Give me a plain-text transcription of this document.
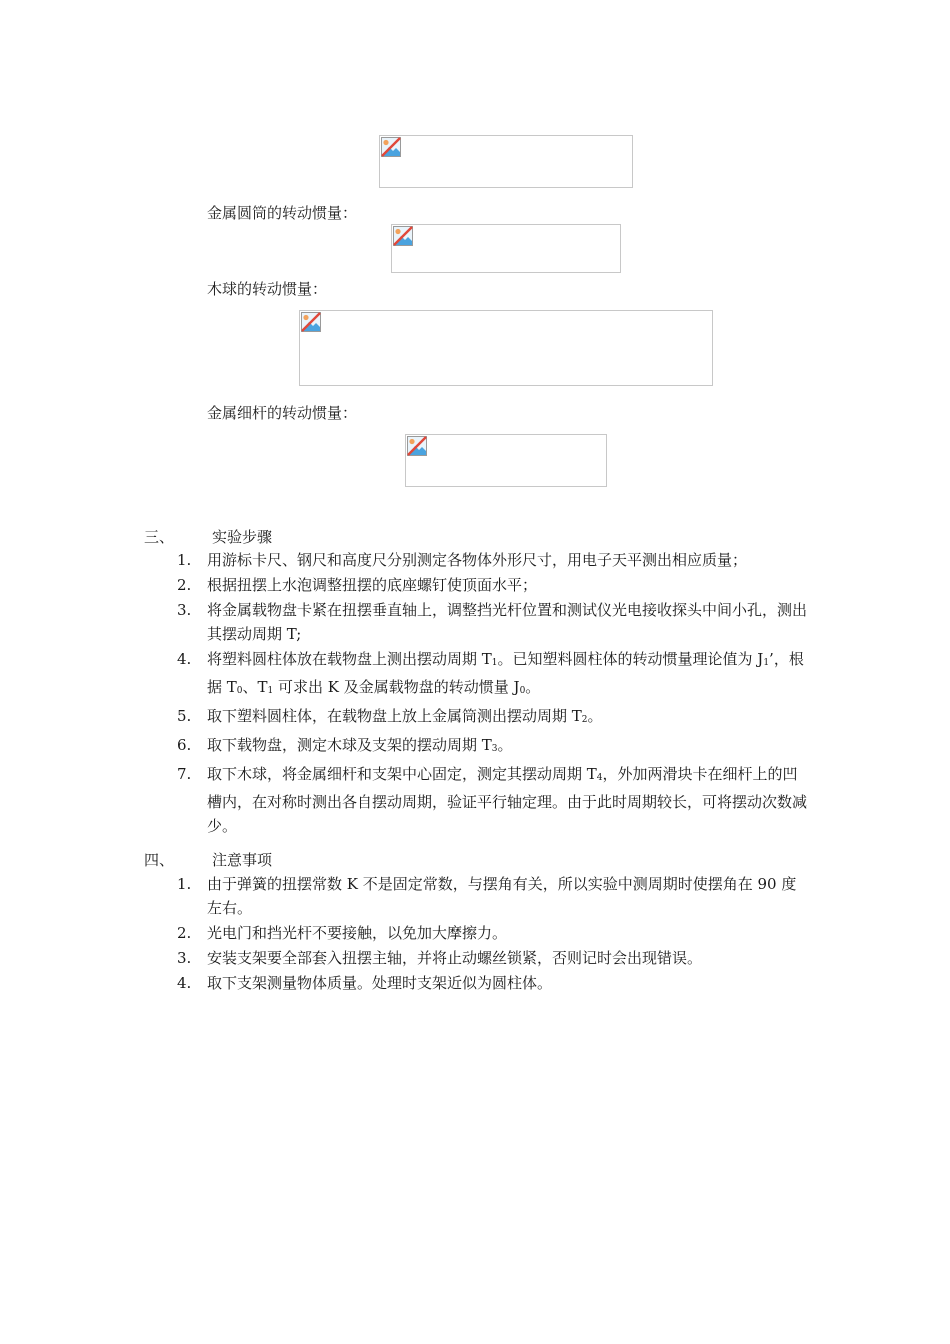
金属圆筒的转动惯量：
木球的转动惯量：
金属细杆的转动惯量：
三、	实验步骤
1. 用游标卡尺、钢尺和高度尺分别测定各物体外形尺寸，用电子天平测出相应质量；
2. 根据扭摆上水泡调整扭摆的底座螺钉使顶面水平；
3. 将金属载物盘卡紧在扭摆垂直轴上，调整挡光杆位置和测试仪光电接收探头中间小孔，测出其摆动周期 T;
4. 将塑料圆柱体放在载物盘上测出摆动周期 $T_1$。已知塑料圆柱体的转动惯量理论值为 $J_1$’，根据 $T_0$、$T_1$ 可求出 K 及金属载物盘的转动惯量 $J_0$。
5. 取下塑料圆柱体，在载物盘上放上金属筒测出摆动周期 $T_2$。
6. 取下载物盘，测定木球及支架的摆动周期 $T_3$。
7. 取下木球，将金属细杆和支架中心固定，测定其摆动周期 $T_4$，外加两滑块卡在细杆上的凹槽内，在对称时测出各自摆动周期，验证平行轴定理。由于此时周期较长，可将摆动次数减少。
四、	注意事项
1. 由于弹簧的扭摆常数 K 不是固定常数，与摆角有关，所以实验中测周期时使摆角在 90 度左右。
2. 光电门和挡光杆不要接触，以免加大摩擦力。
3. 安装支架要全部套入扭摆主轴，并将止动螺丝锁紧，否则记时会出现错误。
4. 取下支架测量物体质量。处理时支架近似为圆柱体。
